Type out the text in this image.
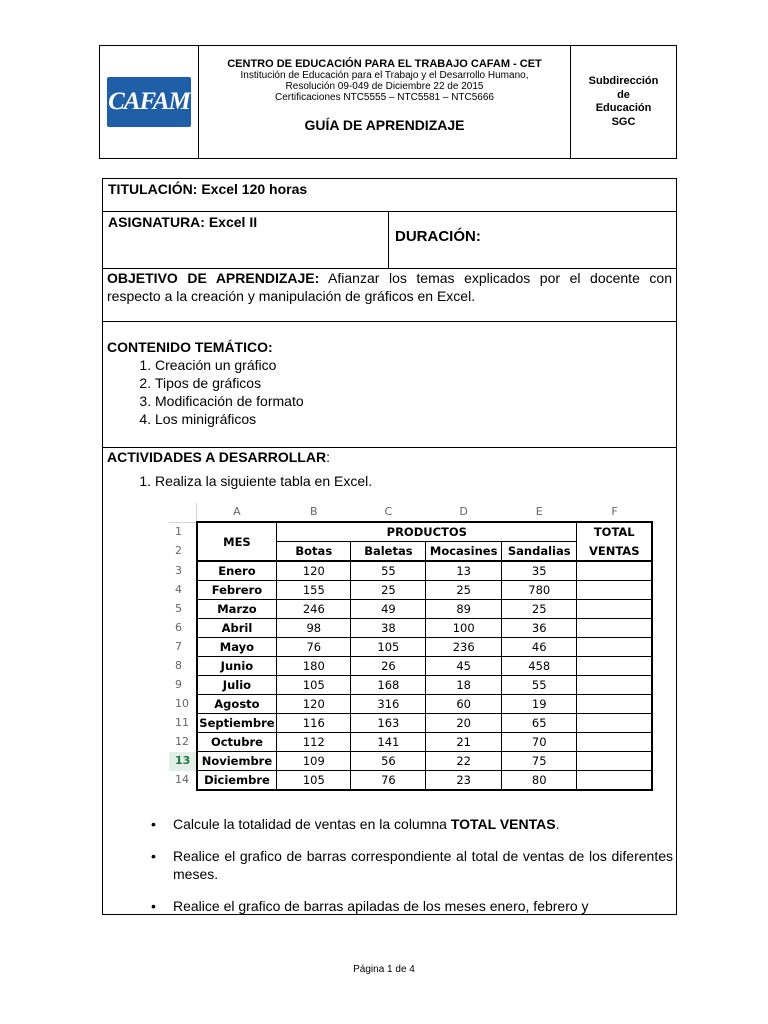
CAFAM
CENTRO DE EDUCACIÓN PARA EL TRABAJO CAFAM - CET
Institución de Educación para el Trabajo y el Desarrollo Humano,
Resolución 09-049 de Diciembre 22 de 2015
Certificaciones NTC5555 – NTC5581 – NTC5666
GUÍA DE APRENDIZAJE
Subdirección
de
Educación
SGC
TITULACIÓN: Excel 120 horas
ASIGNATURA: Excel II
DURACIÓN:
OBJETIVO DE APRENDIZAJE: Afianzar los temas explicados por el docente con respecto a la creación y manipulación de gráficos en Excel.
CONTENIDO TEMÁTICO:
1. Creación un gráfico
2. Tipos de gráficos
3. Modificación de formato
4. Los minigráficos
ACTIVIDADES A DESARROLLAR:
1. Realiza la siguiente tabla en Excel.
	A	B	C	D	E	F
1	MES	PRODUCTOS				TOTAL
2		Botas	Baletas	Mocasines	Sandalias	VENTAS
3	Enero	120	55	13	35	
4	Febrero	155	25	25	780	
5	Marzo	246	49	89	25	
6	Abril	98	38	100	36	
7	Mayo	76	105	236	46	
8	Junio	180	26	45	458	
9	Julio	105	168	18	55	
10	Agosto	120	316	60	19	
11	Septiembre	116	163	20	65	
12	Octubre	112	141	21	70	
13	Noviembre	109	56	22	75	
14	Diciembre	105	76	23	80	
• Calcule la totalidad de ventas en la columna TOTAL VENTAS.
• Realice el grafico de barras correspondiente al total de ventas de los diferentes meses.
• Realice el grafico de barras apiladas de los meses enero, febrero y
Página 1 de 4
